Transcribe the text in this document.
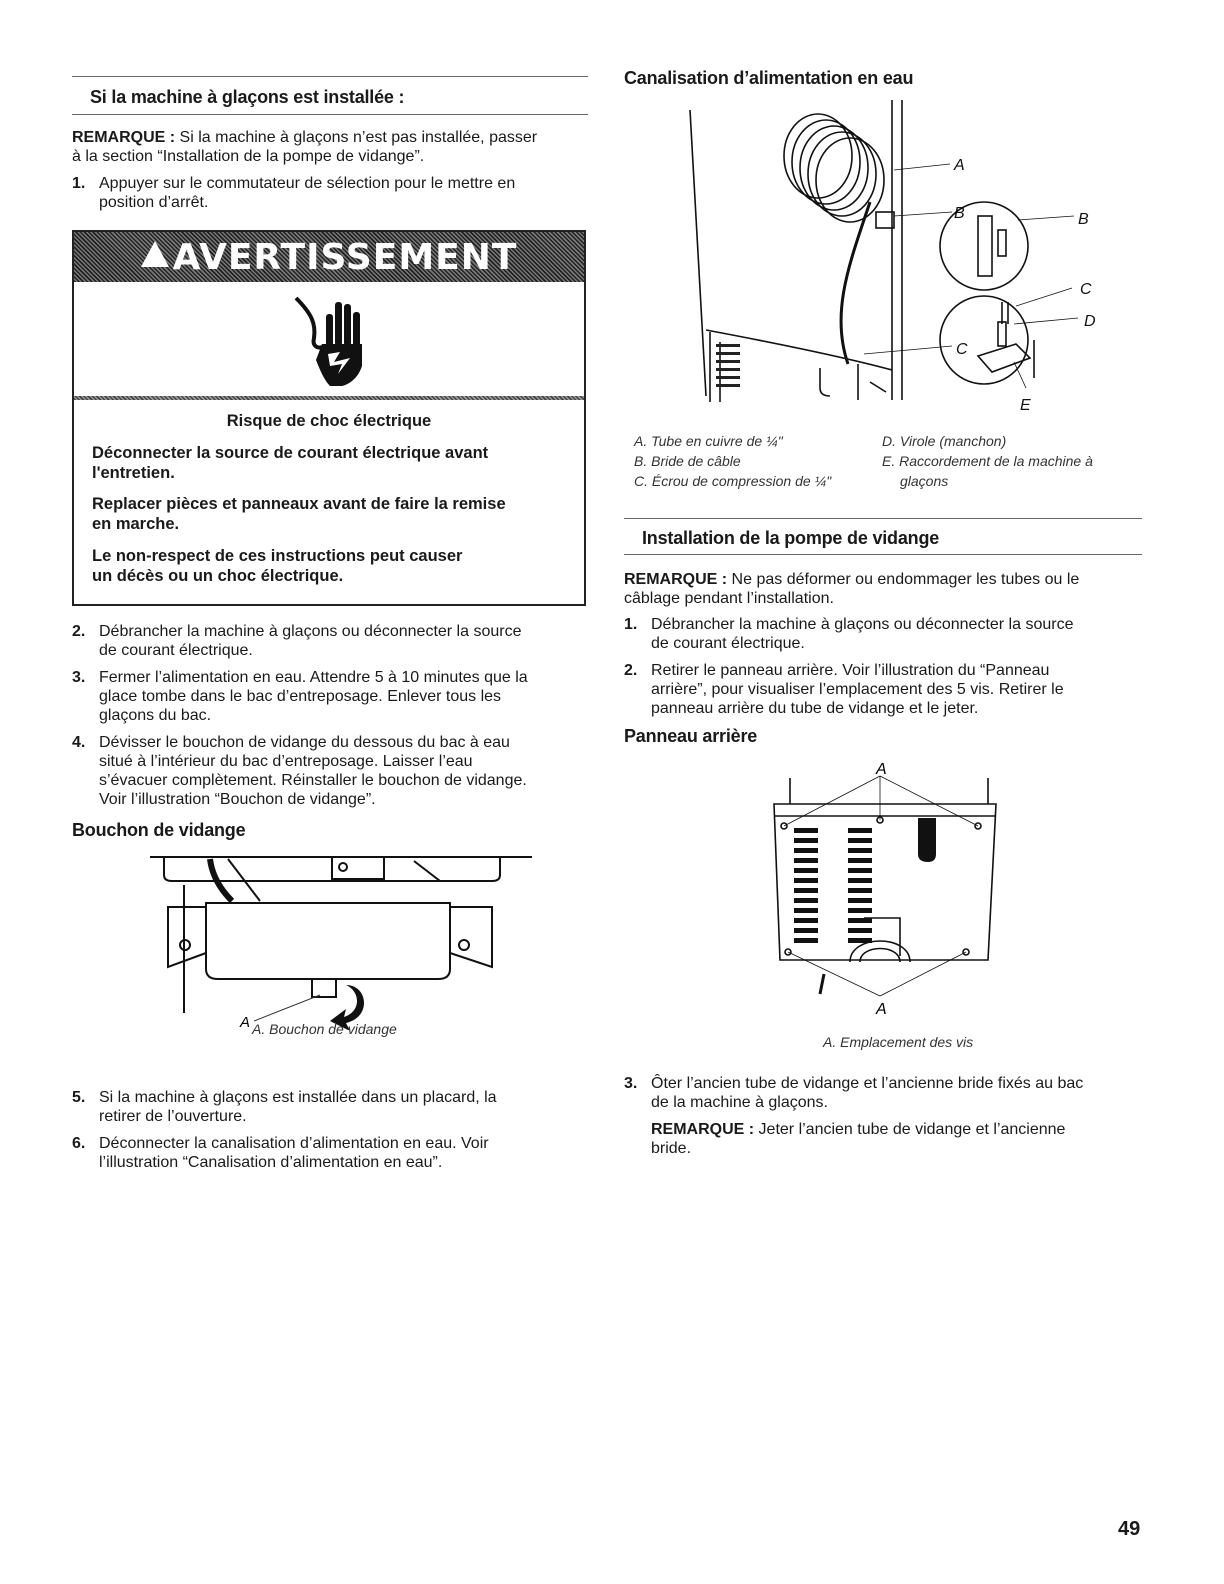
Si la machine à glaçons est installée :
REMARQUE : Si la machine à glaçons n’est pas installée, passer
à la section “Installation de la pompe de vidange”.
1. Appuyer sur le commutateur de sélection pour le mettre en
position d’arrêt.
AVERTISSEMENT
Risque de choc électrique
Déconnecter la source de courant électrique avant
l'entretien.
Replacer pièces et panneaux avant de faire la remise
en marche.
Le non-respect de ces instructions peut causer
un décès ou un choc électrique.
2. Débrancher la machine à glaçons ou déconnecter la source
de courant électrique.
3. Fermer l’alimentation en eau. Attendre 5 à 10 minutes que la
glace tombe dans le bac d’entreposage. Enlever tous les
glaçons du bac.
4. Dévisser le bouchon de vidange du dessous du bac à eau
situé à l’intérieur du bac d’entreposage. Laisser l’eau
s’évacuer complètement. Réinstaller le bouchon de vidange.
Voir l’illustration “Bouchon de vidange”.
Bouchon de vidange
A A. Bouchon de vidange
5. Si la machine à glaçons est installée dans un placard, la
retirer de l’ouverture.
6. Déconnecter la canalisation d’alimentation en eau. Voir
l’illustration “Canalisation d’alimentation en eau”.
Canalisation d’alimentation en eau
A
B	B
C
D
C
E
A. Tube en cuivre de ¼"
B. Bride de câble
C. Écrou de compression de ¼"
D. Virole (manchon)
E. Raccordement de la machine à
glaçons
Installation de la pompe de vidange
REMARQUE : Ne pas déformer ou endommager les tubes ou le
câblage pendant l’installation.
1. Débrancher la machine à glaçons ou déconnecter la source
de courant électrique.
2. Retirer le panneau arrière. Voir l’illustration du “Panneau
arrière”, pour visualiser l’emplacement des 5 vis. Retirer le
panneau arrière du tube de vidange et le jeter.
Panneau arrière
A
A
A. Emplacement des vis
3. Ôter l’ancien tube de vidange et l’ancienne bride fixés au bac
de la machine à glaçons.
REMARQUE : Jeter l’ancien tube de vidange et l’ancienne
bride.
49
